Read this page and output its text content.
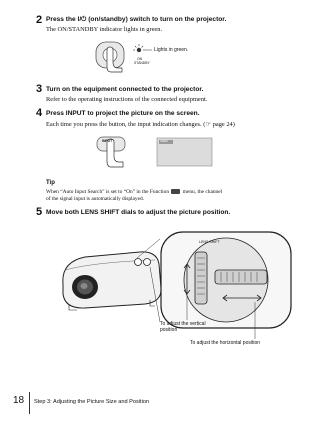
2 Press the I/⏻ (on/standby) switch to turn on the projector.
The ON/STANDBY indicator lights in green.
Lights in green.
ON
STANDBY
3 Turn on the equipment connected to the projector.
Refer to the operating instructions of the connected equipment.
4 Press INPUT to project the picture on the screen.
Each time you press the button, the input indication changes. (☞ page 24)
INPUT	VIDEO
Tip
When “Auto Input Search” is set to “On” in the Function	menu, the channel
of the signal input is automatically displayed.
5 Move both LENS SHIFT dials to adjust the picture position.
LENS SHIFT
To adjust the vertical
position
To adjust the horizontal position
18 Step 3: Adjusting the Picture Size and Position
